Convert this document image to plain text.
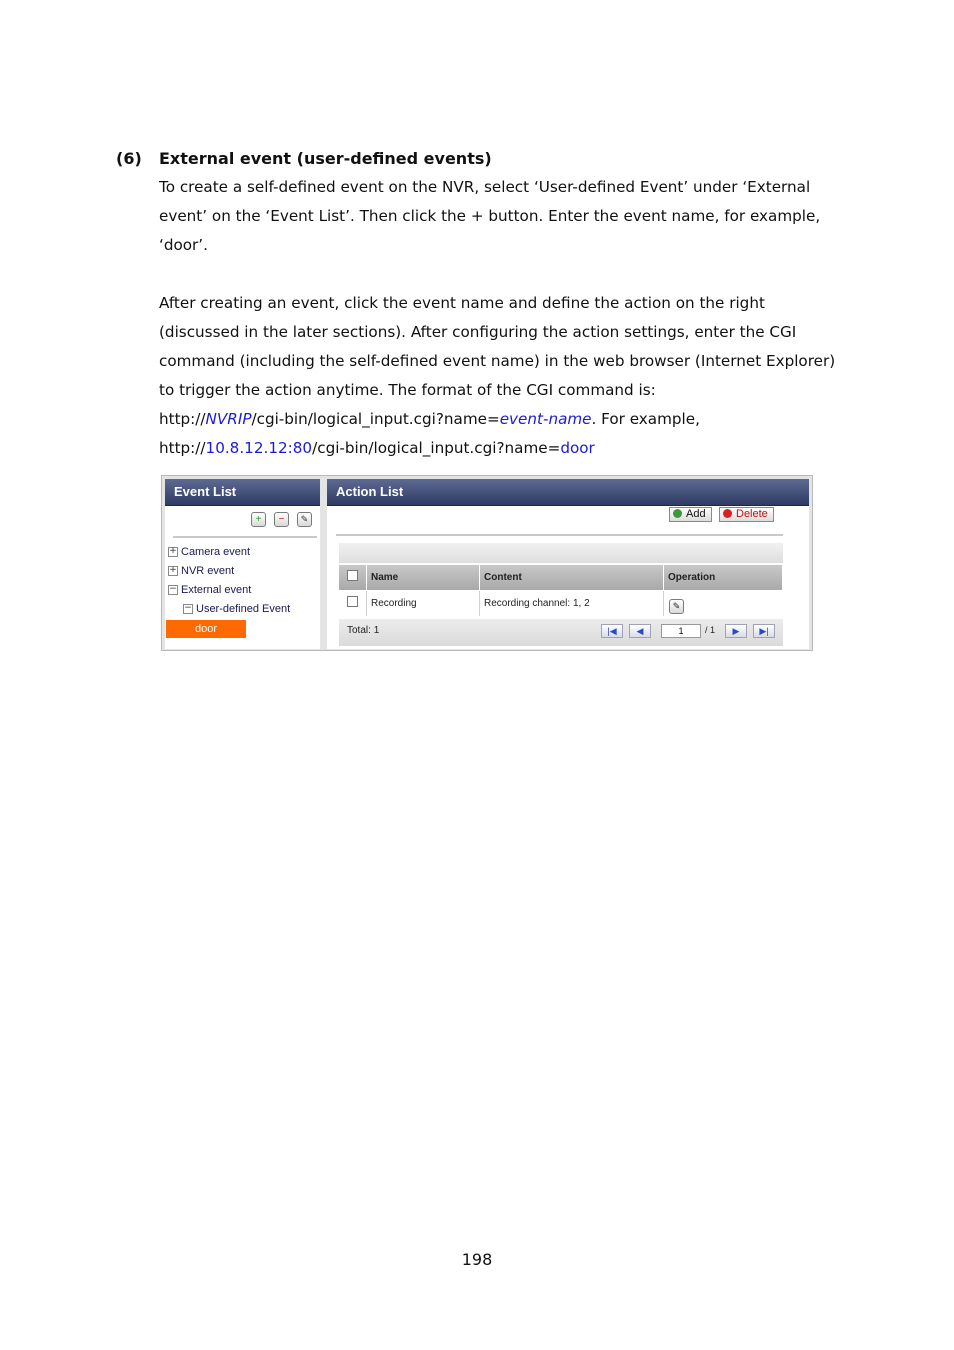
(6) External event (user-defined events)

To create a self-defined event on the NVR, select ‘User-defined Event’ under ‘External event’ on the ‘Event List’. Then click the + button. Enter the event name, for example, ‘door’.

After creating an event, click the event name and define the action on the right (discussed in the later sections). After configuring the action settings, enter the CGI command (including the self-defined event name) in the web browser (Internet Explorer) to trigger the action anytime. The format of the CGI command is:
http://NVRIP/cgi-bin/logical_input.cgi?name=event-name. For example,
http://10.8.12.12:80/cgi-bin/logical_input.cgi?name=door

Event List
+	−	✎
+ Camera event
+ NVR event
− External event
− User-defined Event
door
Action List
Add	Delete
Name	Content	Operation
Recording	Recording channel: 1, 2	✎
Total: 1	|◀	◀	1	/ 1	▶	▶|
198
